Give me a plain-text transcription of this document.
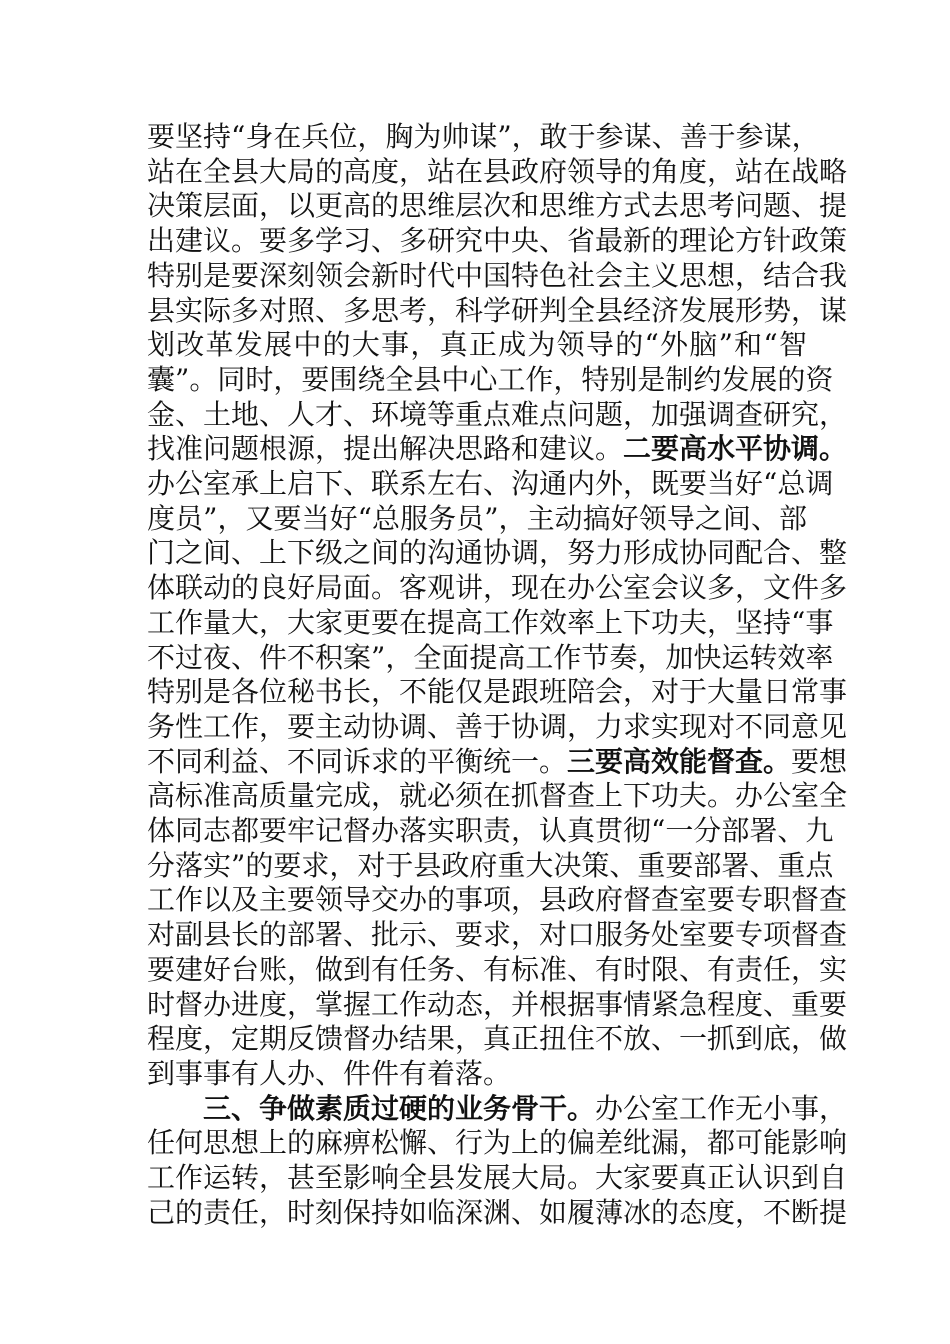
要坚持“身在兵位，胸为帅谋”，敢于参谋、善于参谋，
站在全县大局的高度，站在县政府领导的角度，站在战略
决策层面，以更高的思维层次和思维方式去思考问题、提
出建议。要多学习、多研究中央、省最新的理论方针政策
特别是要深刻领会新时代中国特色社会主义思想，结合我
县实际多对照、多思考，科学研判全县经济发展形势，谋
划改革发展中的大事，真正成为领导的“外脑”和“智
囊”。同时，要围绕全县中心工作，特别是制约发展的资
金、土地、人才、环境等重点难点问题，加强调查研究，
找准问题根源，提出解决思路和建议。二要高水平协调。
办公室承上启下、联系左右、沟通内外，既要当好“总调
度员”，又要当好“总服务员”，主动搞好领导之间、部
门之间、上下级之间的沟通协调，努力形成协同配合、整
体联动的良好局面。客观讲，现在办公室会议多，文件多
工作量大，大家更要在提高工作效率上下功夫，坚持“事
不过夜、件不积案”，全面提高工作节奏，加快运转效率
特别是各位秘书长，不能仅是跟班陪会，对于大量日常事
务性工作，要主动协调、善于协调，力求实现对不同意见
不同利益、不同诉求的平衡统一。三要高效能督查。要想
高标准高质量完成，就必须在抓督查上下功夫。办公室全
体同志都要牢记督办落实职责，认真贯彻“一分部署、九
分落实”的要求，对于县政府重大决策、重要部署、重点
工作以及主要领导交办的事项，县政府督查室要专职督查
对副县长的部署、批示、要求，对口服务处室要专项督查
要建好台账，做到有任务、有标准、有时限、有责任，实
时督办进度，掌握工作动态，并根据事情紧急程度、重要
程度，定期反馈督办结果，真正扭住不放、一抓到底，做
到事事有人办、件件有着落。
三、争做素质过硬的业务骨干。办公室工作无小事，
任何思想上的麻痹松懈、行为上的偏差纰漏，都可能影响
工作运转，甚至影响全县发展大局。大家要真正认识到自
己的责任，时刻保持如临深渊、如履薄冰的态度，不断提
